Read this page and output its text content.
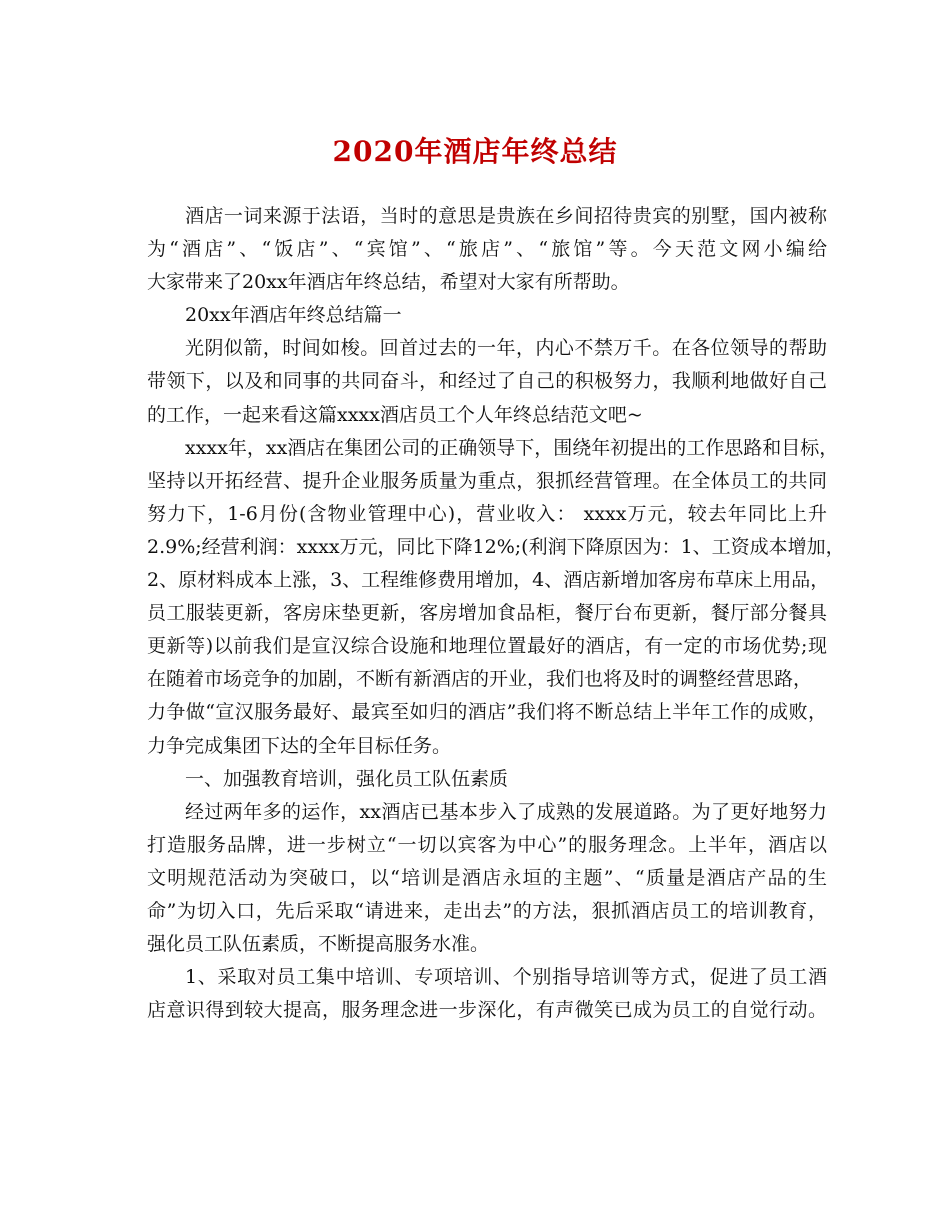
2020年酒店年终总结
酒店一词来源于法语，当时的意思是贵族在乡间招待贵宾的别墅，国内被称
为“酒店”、“饭店”、“宾馆”、“旅店”、“旅馆”等。今天范文网小编给
大家带来了20xx年酒店年终总结，希望对大家有所帮助。
20xx年酒店年终总结篇一
光阴似箭，时间如梭。回首过去的一年，内心不禁万千。在各位领导的帮助
带领下，以及和同事的共同奋斗，和经过了自己的积极努力，我顺利地做好自己
的工作，一起来看这篇xxxx酒店员工个人年终总结范文吧~
xxxx年，xx酒店在集团公司的正确领导下，围绕年初提出的工作思路和目标，
坚持以开拓经营、提升企业服务质量为重点，狠抓经营管理。在全体员工的共同
努力下，1-6月份(含物业管理中心)，营业收入： xxxx万元，较去年同比上升
2.9%;经营利润：xxxx万元，同比下降12%;(利润下降原因为：1、工资成本增加，
2、原材料成本上涨，3、工程维修费用增加，4、酒店新增加客房布草床上用品，
员工服装更新，客房床垫更新，客房增加食品柜，餐厅台布更新，餐厅部分餐具
更新等)以前我们是宣汉综合设施和地理位置最好的酒店，有一定的市场优势;现
在随着市场竞争的加剧，不断有新酒店的开业，我们也将及时的调整经营思路，
力争做“宣汉服务最好、最宾至如归的酒店”我们将不断总结上半年工作的成败，
力争完成集团下达的全年目标任务。
一、加强教育培训，强化员工队伍素质
经过两年多的运作，xx酒店已基本步入了成熟的发展道路。为了更好地努力
打造服务品牌，进一步树立“一切以宾客为中心”的服务理念。上半年，酒店以
文明规范活动为突破口，以“培训是酒店永垣的主题”、“质量是酒店产品的生
命”为切入口，先后采取“请进来，走出去”的方法，狠抓酒店员工的培训教育，
强化员工队伍素质，不断提高服务水准。
1、采取对员工集中培训、专项培训、个别指导培训等方式，促进了员工酒
店意识得到较大提高，服务理念进一步深化，有声微笑已成为员工的自觉行动。
